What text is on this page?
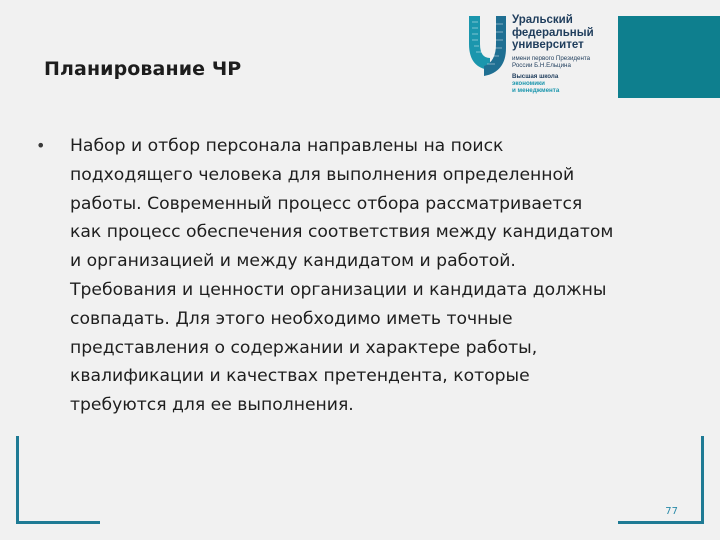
Планирование ЧР
Уральский
федеральный
университет
имени первого Президента
России Б.Н.Ельцина
Высшая школа
экономики
и менеджмента
• Набор и отбор персонала направлены на поиск
подходящего человека для выполнения определенной
работы. Современный процесс отбора рассматривается
как процесс обеспечения соответствия между кандидатом
и организацией и между кандидатом и работой.
Требования и ценности организации и кандидата должны
совпадать. Для этого необходимо иметь точные
представления о содержании и характере работы,
квалификации и качествах претендента, которые
требуются для ее выполнения.
77
